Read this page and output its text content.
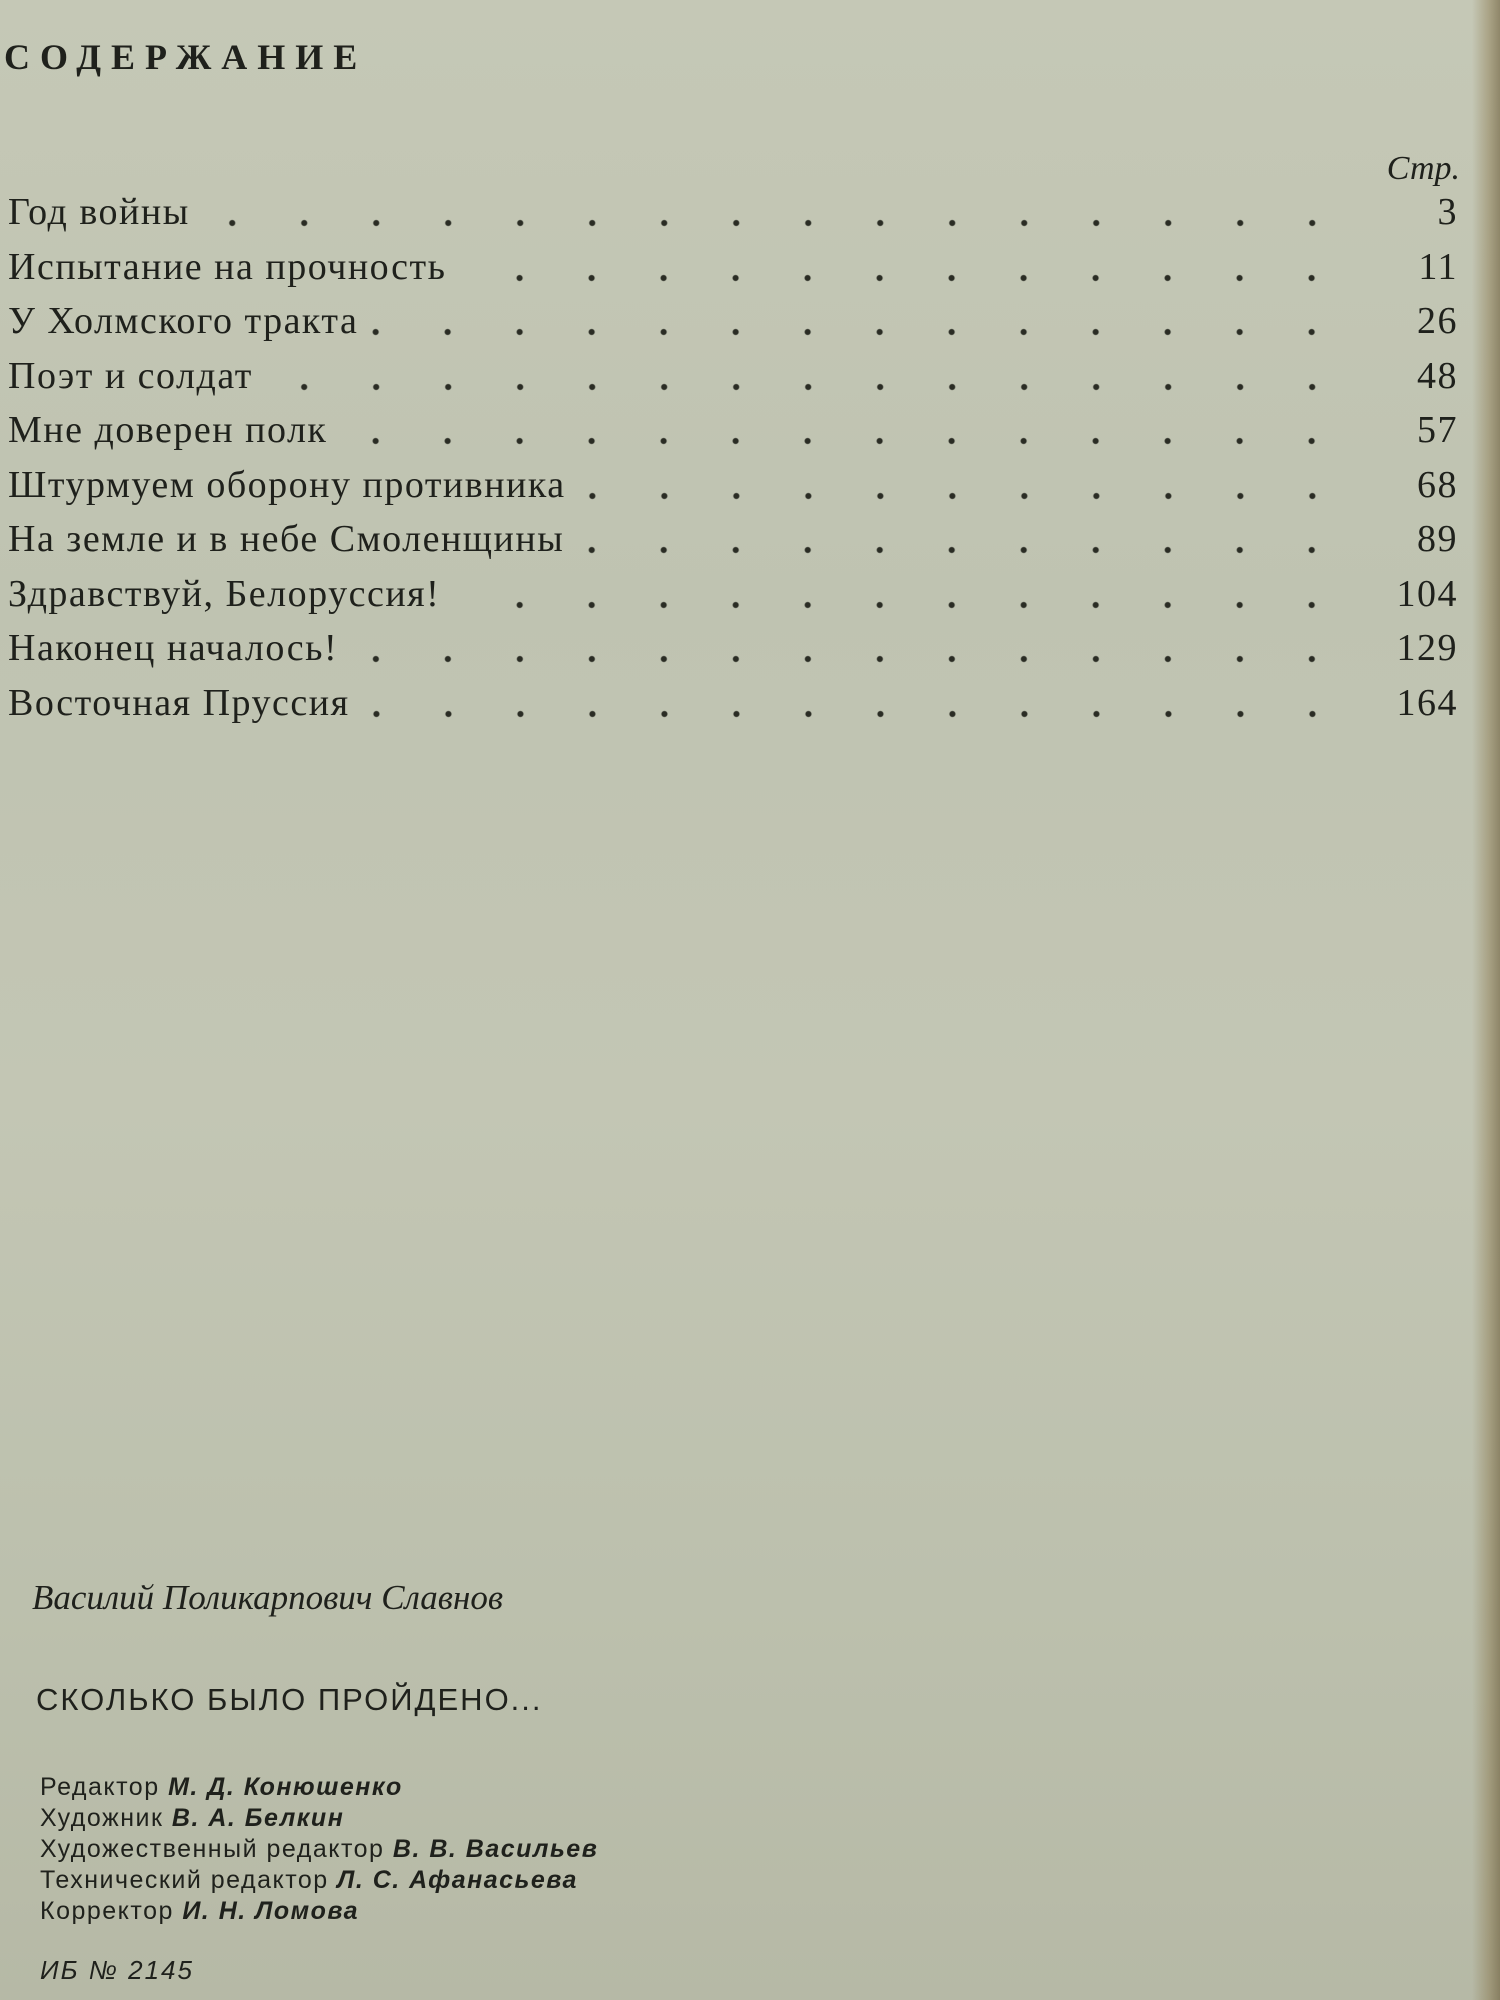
СОДЕРЖАНИЕ
Стр.
Год войны	3
Испытание на прочность	11
У Холмского тракта	26
Поэт и солдат	48
Мне доверен полк	57
Штурмуем оборону противника	68
На земле и в небе Смоленщины	89
Здравствуй, Белоруссия!	104
Наконец началось!	129
Восточная Пруссия	164
Василий Поликарпович Славнов
СКОЛЬКО БЫЛО ПРОЙДЕНО...
Редактор М. Д. Конюшенко
Художник В. А. Белкин
Художественный редактор В. В. Васильев
Технический редактор Л. С. Афанасьева
Корректор И. Н. Ломова
ИБ № 2145
